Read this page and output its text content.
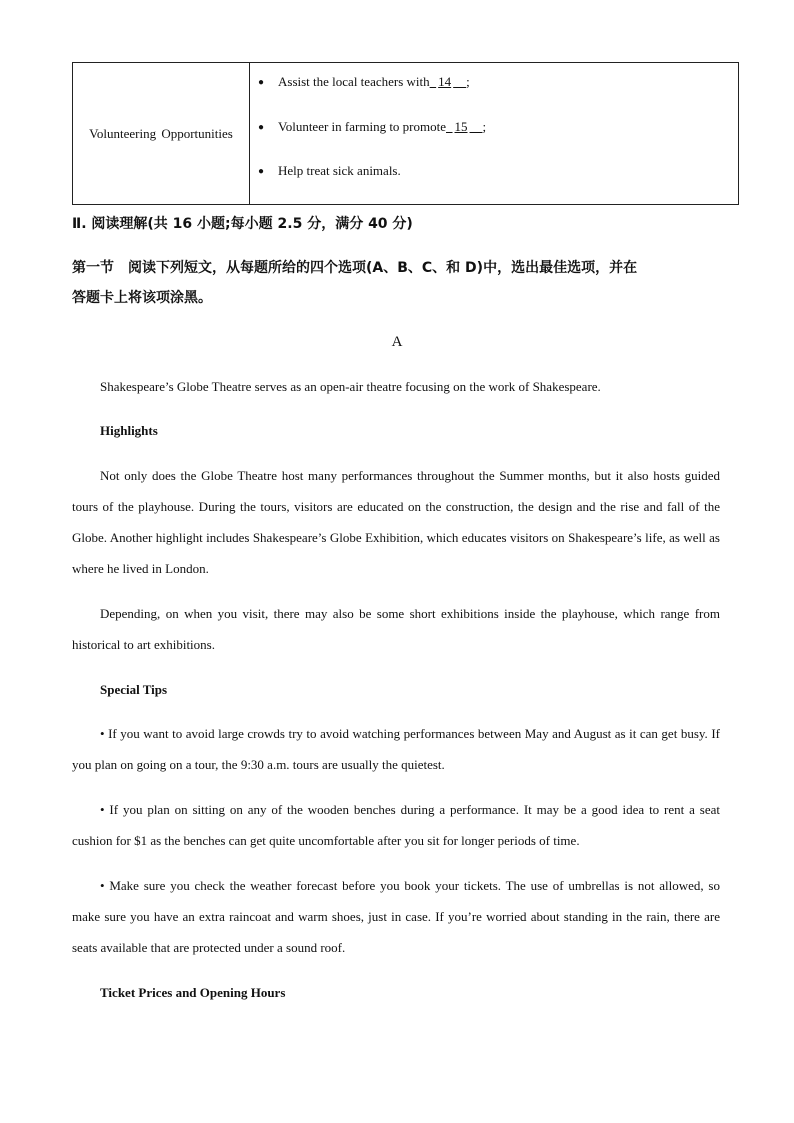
Volunteering Opportunities
●	Assist the local teachers with
14
;
●	Volunteer in farming to promote
15
;
●	Help treat sick animals.
Ⅱ. 阅读理解(共 16 小题;每小题 2.5 分，满分 40 分)
第一节　阅读下列短文，从每题所给的四个选项(A、B、C、和 D)中，选出最佳选项，并在
答题卡上将该项涂黑。
A
Shakespeare’s Globe Theatre serves as an open-air theatre focusing on the work of Shakespeare.
Highlights
Not only does the Globe Theatre host many performances throughout the Summer months, but it also hosts guided tours of the playhouse. During the tours, visitors are educated on the construction, the design and the rise and fall of the Globe. Another highlight includes Shakespeare’s Globe Exhibition, which educates visitors on Shakespeare’s life, as well as where he lived in London.
Depending, on when you visit, there may also be some short exhibitions inside the playhouse, which range from historical to art exhibitions.
Special Tips
• If you want to avoid large crowds try to avoid watching performances between May and August as it can get busy. If you plan on going on a tour, the 9:30 a.m. tours are usually the quietest.
• If you plan on sitting on any of the wooden benches during a performance. It may be a good idea to rent a seat cushion for $1 as the benches can get quite uncomfortable after you sit for longer periods of time.
• Make sure you check the weather forecast before you book your tickets. The use of umbrellas is not allowed, so make sure you have an extra raincoat and warm shoes, just in case. If you’re worried about standing in the rain, there are seats available that are protected under a sound roof.
Ticket Prices and Opening Hours
